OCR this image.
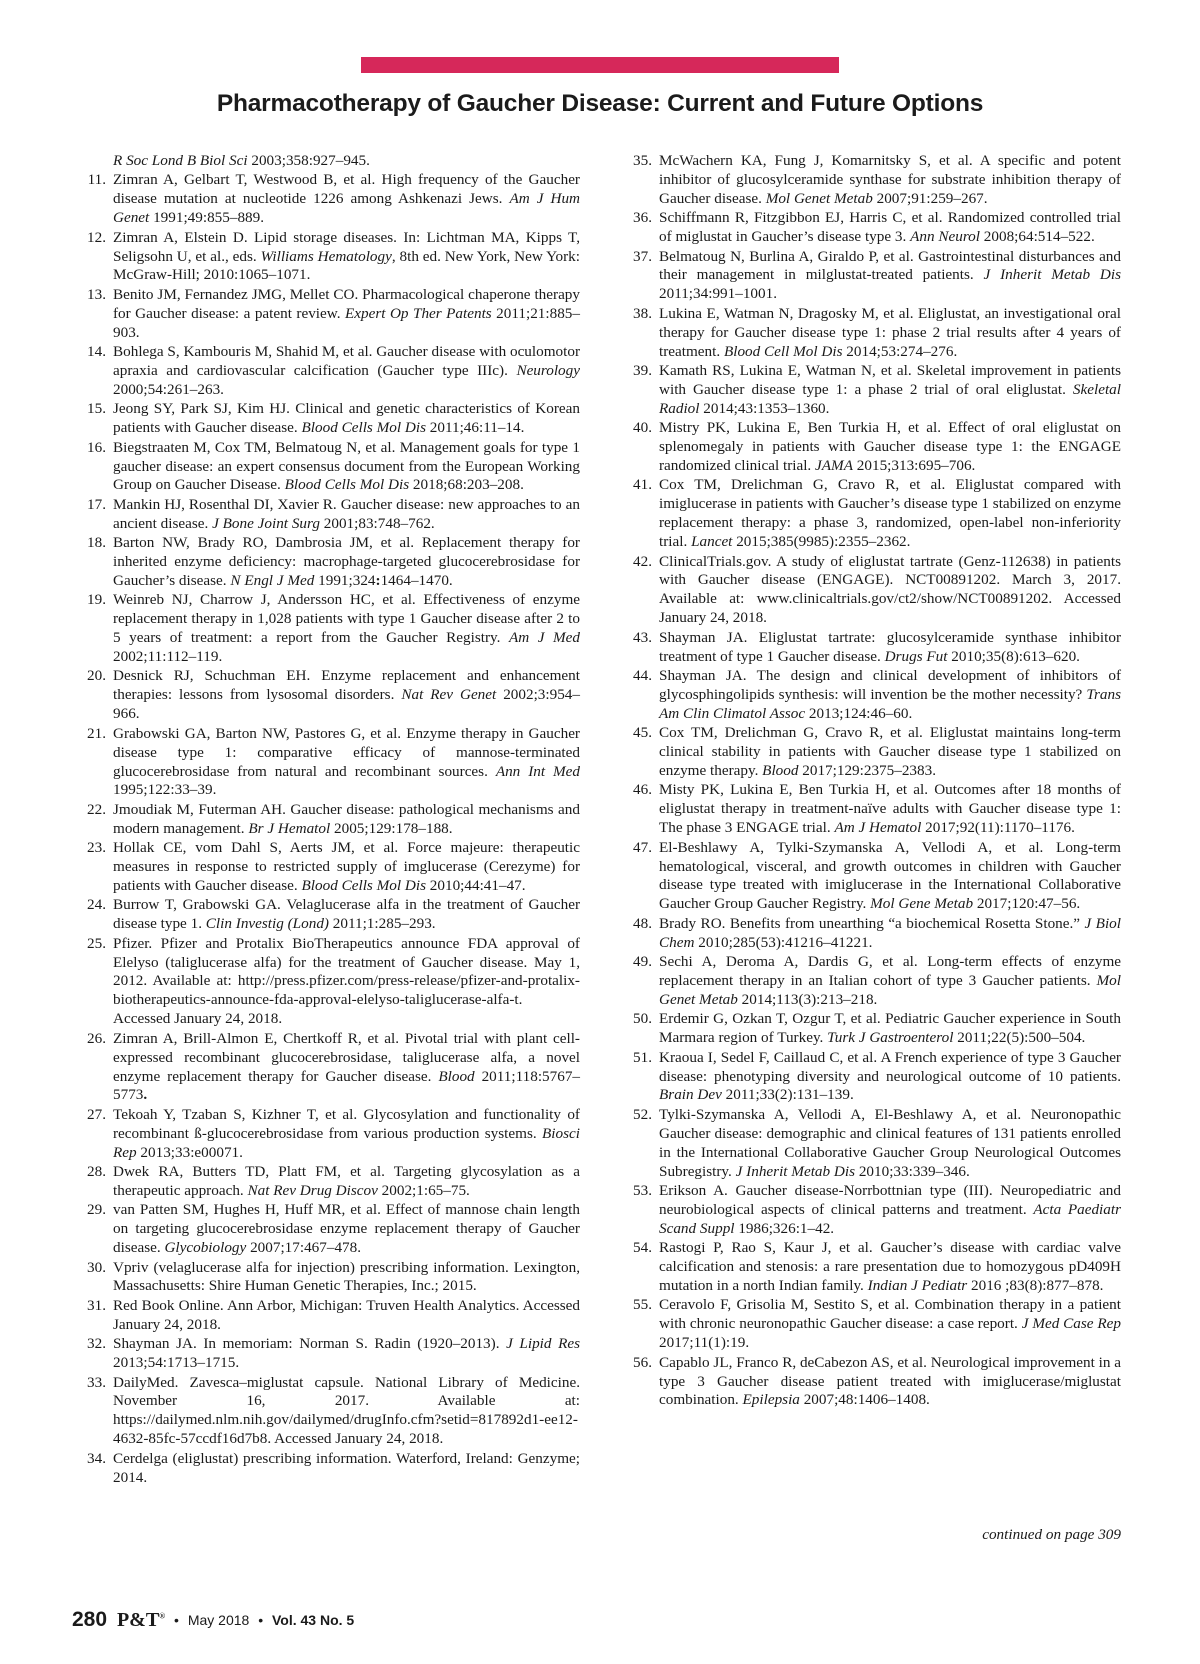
Pharmacotherapy of Gaucher Disease: Current and Future Options
R Soc Lond B Biol Sci 2003;358:927–945.
11. Zimran A, Gelbart T, Westwood B, et al. High frequency of the Gaucher disease mutation at nucleotide 1226 among Ashkenazi Jews. Am J Hum Genet 1991;49:855–889.
12. Zimran A, Elstein D. Lipid storage diseases. In: Lichtman MA, Kipps T, Seligsohn U, et al., eds. Williams Hematology, 8th ed. New York, New York: McGraw-Hill; 2010:1065–1071.
13. Benito JM, Fernandez JMG, Mellet CO. Pharmacological chaperone therapy for Gaucher disease: a patent review. Expert Op Ther Patents 2011;21:885–903.
14. Bohlega S, Kambouris M, Shahid M, et al. Gaucher disease with oculomotor apraxia and cardiovascular calcification (Gaucher type IIIc). Neurology 2000;54:261–263.
15. Jeong SY, Park SJ, Kim HJ. Clinical and genetic characteristics of Korean patients with Gaucher disease. Blood Cells Mol Dis 2011;46:11–14.
16. Biegstraaten M, Cox TM, Belmatoug N, et al. Management goals for type 1 gaucher disease: an expert consensus document from the European Working Group on Gaucher Disease. Blood Cells Mol Dis 2018;68:203–208.
17. Mankin HJ, Rosenthal DI, Xavier R. Gaucher disease: new approaches to an ancient disease. J Bone Joint Surg 2001;83:748–762.
18. Barton NW, Brady RO, Dambrosia JM, et al. Replacement therapy for inherited enzyme deficiency: macrophage-targeted glucocerebrosidase for Gaucher’s disease. N Engl J Med 1991;324:1464–1470.
19. Weinreb NJ, Charrow J, Andersson HC, et al. Effectiveness of enzyme replacement therapy in 1,028 patients with type 1 Gaucher disease after 2 to 5 years of treatment: a report from the Gaucher Registry. Am J Med 2002;11:112–119.
20. Desnick RJ, Schuchman EH. Enzyme replacement and enhancement therapies: lessons from lysosomal disorders. Nat Rev Genet 2002;3:954–966.
21. Grabowski GA, Barton NW, Pastores G, et al. Enzyme therapy in Gaucher disease type 1: comparative efficacy of mannose-terminated glucocerebrosidase from natural and recombinant sources. Ann Int Med 1995;122:33–39.
22. Jmoudiak M, Futerman AH. Gaucher disease: pathological mechanisms and modern management. Br J Hematol 2005;129:178–188.
23. Hollak CE, vom Dahl S, Aerts JM, et al. Force majeure: therapeutic measures in response to restricted supply of imglucerase (Cerezyme) for patients with Gaucher disease. Blood Cells Mol Dis 2010;44:41–47.
24. Burrow T, Grabowski GA. Velaglucerase alfa in the treatment of Gaucher disease type 1. Clin Investig (Lond) 2011;1:285–293.
25. Pfizer. Pfizer and Protalix BioTherapeutics announce FDA approval of Elelyso (taliglucerase alfa) for the treatment of Gaucher disease. May 1, 2012. Available at: http://press.pfizer.com/press-release/pfizer-and-protalix-biotherapeutics-announce-fda-approval-elelyso-taliglucerase-alfa-t. Accessed January 24, 2018.
26. Zimran A, Brill-Almon E, Chertkoff R, et al. Pivotal trial with plant cell-expressed recombinant glucocerebrosidase, taliglucerase alfa, a novel enzyme replacement therapy for Gaucher disease. Blood 2011;118:5767–5773.
27. Tekoah Y, Tzaban S, Kizhner T, et al. Glycosylation and functionality of recombinant ß-glucocerebrosidase from various production systems. Biosci Rep 2013;33:e00071.
28. Dwek RA, Butters TD, Platt FM, et al. Targeting glycosylation as a therapeutic approach. Nat Rev Drug Discov 2002;1:65–75.
29. van Patten SM, Hughes H, Huff MR, et al. Effect of mannose chain length on targeting glucocerebrosidase enzyme replacement therapy of Gaucher disease. Glycobiology 2007;17:467–478.
30. Vpriv (velaglucerase alfa for injection) prescribing information. Lexington, Massachusetts: Shire Human Genetic Therapies, Inc.; 2015.
31. Red Book Online. Ann Arbor, Michigan: Truven Health Analytics. Accessed January 24, 2018.
32. Shayman JA. In memoriam: Norman S. Radin (1920–2013). J Lipid Res 2013;54:1713–1715.
33. DailyMed. Zavesca–miglustat capsule. National Library of Medicine. November 16, 2017. Available at: https://dailymed.nlm.nih.gov/dailymed/drugInfo.cfm?setid=817892d1-ee12-4632-85fc-57ccdf16d7b8. Accessed January 24, 2018.
34. Cerdelga (eliglustat) prescribing information. Waterford, Ireland: Genzyme; 2014.
35. McWachern KA, Fung J, Komarnitsky S, et al. A specific and potent inhibitor of glucosylceramide synthase for substrate inhibition therapy of Gaucher disease. Mol Genet Metab 2007;91:259–267.
36. Schiffmann R, Fitzgibbon EJ, Harris C, et al. Randomized controlled trial of miglustat in Gaucher’s disease type 3. Ann Neurol 2008;64:514–522.
37. Belmatoug N, Burlina A, Giraldo P, et al. Gastrointestinal disturbances and their management in milglustat-treated patients. J Inherit Metab Dis 2011;34:991–1001.
38. Lukina E, Watman N, Dragosky M, et al. Eliglustat, an investigational oral therapy for Gaucher disease type 1: phase 2 trial results after 4 years of treatment. Blood Cell Mol Dis 2014;53:274–276.
39. Kamath RS, Lukina E, Watman N, et al. Skeletal improvement in patients with Gaucher disease type 1: a phase 2 trial of oral eliglustat. Skeletal Radiol 2014;43:1353–1360.
40. Mistry PK, Lukina E, Ben Turkia H, et al. Effect of oral eliglustat on splenomegaly in patients with Gaucher disease type 1: the ENGAGE randomized clinical trial. JAMA 2015;313:695–706.
41. Cox TM, Drelichman G, Cravo R, et al. Eliglustat compared with imiglucerase in patients with Gaucher’s disease type 1 stabilized on enzyme replacement therapy: a phase 3, randomized, open-label non-inferiority trial. Lancet 2015;385(9985):2355–2362.
42. ClinicalTrials.gov. A study of eliglustat tartrate (Genz-112638) in patients with Gaucher disease (ENGAGE). NCT00891202. March 3, 2017. Available at: www.clinicaltrials.gov/ct2/show/NCT00891202. Accessed January 24, 2018.
43. Shayman JA. Eliglustat tartrate: glucosylceramide synthase inhibitor treatment of type 1 Gaucher disease. Drugs Fut 2010;35(8):613–620.
44. Shayman JA. The design and clinical development of inhibitors of glycosphingolipids synthesis: will invention be the mother necessity? Trans Am Clin Climatol Assoc 2013;124:46–60.
45. Cox TM, Drelichman G, Cravo R, et al. Eliglustat maintains long-term clinical stability in patients with Gaucher disease type 1 stabilized on enzyme therapy. Blood 2017;129:2375–2383.
46. Misty PK, Lukina E, Ben Turkia H, et al. Outcomes after 18 months of eliglustat therapy in treatment-naïve adults with Gaucher disease type 1: The phase 3 ENGAGE trial. Am J Hematol 2017;92(11):1170–1176.
47. El-Beshlawy A, Tylki-Szymanska A, Vellodi A, et al. Long-term hematological, visceral, and growth outcomes in children with Gaucher disease type treated with imiglucerase in the International Collaborative Gaucher Group Gaucher Registry. Mol Gene Metab 2017;120:47–56.
48. Brady RO. Benefits from unearthing “a biochemical Rosetta Stone.” J Biol Chem 2010;285(53):41216–41221.
49. Sechi A, Deroma A, Dardis G, et al. Long-term effects of enzyme replacement therapy in an Italian cohort of type 3 Gaucher patients. Mol Genet Metab 2014;113(3):213–218.
50. Erdemir G, Ozkan T, Ozgur T, et al. Pediatric Gaucher experience in South Marmara region of Turkey. Turk J Gastroenterol 2011;22(5):500–504.
51. Kraoua I, Sedel F, Caillaud C, et al. A French experience of type 3 Gaucher disease: phenotyping diversity and neurological outcome of 10 patients. Brain Dev 2011;33(2):131–139.
52. Tylki-Szymanska A, Vellodi A, El-Beshlawy A, et al. Neuronopathic Gaucher disease: demographic and clinical features of 131 patients enrolled in the International Collaborative Gaucher Group Neurological Outcomes Subregistry. J Inherit Metab Dis 2010;33:339–346.
53. Erikson A. Gaucher disease-Norrbottnian type (III). Neuropediatric and neurobiological aspects of clinical patterns and treatment. Acta Paediatr Scand Suppl 1986;326:1–42.
54. Rastogi P, Rao S, Kaur J, et al. Gaucher’s disease with cardiac valve calcification and stenosis: a rare presentation due to homozygous pD409H mutation in a north Indian family. Indian J Pediatr 2016 ;83(8):877–878.
55. Ceravolo F, Grisolia M, Sestito S, et al. Combination therapy in a patient with chronic neuronopathic Gaucher disease: a case report. J Med Case Rep 2017;11(1):19.
56. Capablo JL, Franco R, deCabezon AS, et al. Neurological improvement in a type 3 Gaucher disease patient treated with imiglucerase/miglustat combination. Epilepsia 2007;48:1406–1408.
continued on page 309
280 P&T® • May 2018 • Vol. 43 No. 5
